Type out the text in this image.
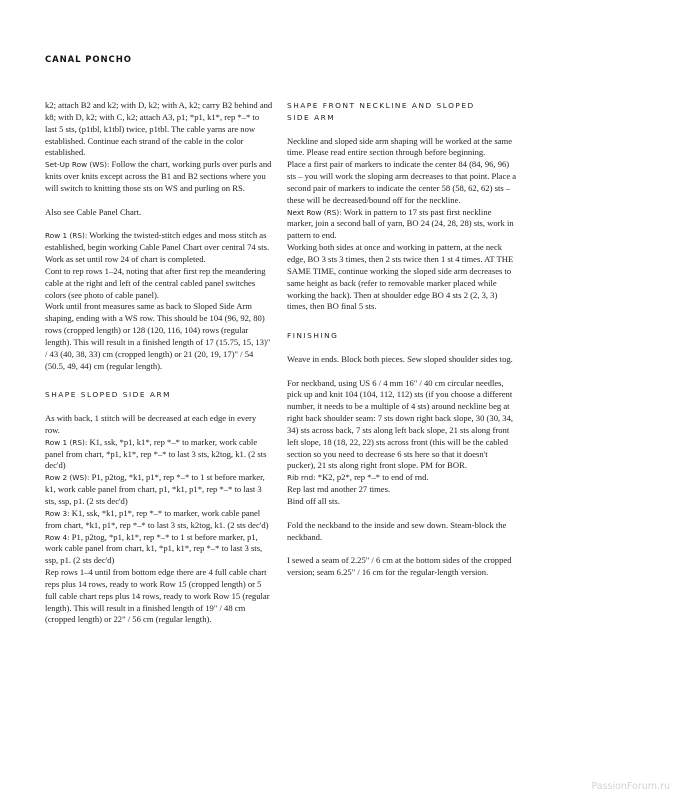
CANAL PONCHO

k2; attach B2 and k2; with D, k2; with A, k2; carry B2 behind and k8; with D, k2; with C, k2; attach A3, p1; *p1, k1*, rep *–* to last 5 sts, (p1tbl, k1tbl) twice, p1tbl. The cable yarns are now established. Continue each strand of the cable in the color established.

Set-Up Row (WS): Follow the chart, working purls over purls and knits over knits except across the B1 and B2 sections where you will switch to knitting those sts on WS and purling on RS.

Also see Cable Panel Chart.

Row 1 (RS): Working the twisted-stitch edges and moss stitch as established, begin working Cable Panel Chart over central 74 sts.

Work as set until row 24 of chart is completed.

Cont to rep rows 1–24, noting that after first rep the meandering cable at the right and left of the central cabled panel switches colors (see photo of cable panel).

Work until front measures same as back to Sloped Side Arm shaping, ending with a WS row. This should be 104 (96, 92, 80) rows (cropped length) or 128 (120, 116, 104) rows (regular length). This will result in a finished length of 17 (15.75, 15, 13)" / 43 (40, 38, 33) cm (cropped length) or 21 (20, 19, 17)" / 54 (50.5, 49, 44) cm (regular length).

SHAPE SLOPED SIDE ARM

As with back, 1 stitch will be decreased at each edge in every row.

Row 1 (RS): K1, ssk, *p1, k1*, rep *–* to marker, work cable panel from chart, *p1, k1*, rep *–* to last 3 sts, k2tog, k1. (2 sts dec'd)

Row 2 (WS): P1, p2tog, *k1, p1*, rep *–* to 1 st before marker, k1, work cable panel from chart, p1, *k1, p1*, rep *–* to last 3 sts, ssp, p1. (2 sts dec'd)

Row 3: K1, ssk, *k1, p1*, rep *–* to marker, work cable panel from chart, *k1, p1*, rep *–* to last 3 sts, k2tog, k1. (2 sts dec'd)

Row 4: P1, p2tog, *p1, k1*, rep *–* to 1 st before marker, p1, work cable panel from chart, k1, *p1, k1*, rep *–* to last 3 sts, ssp, p1. (2 sts dec'd)

Rep rows 1–4 until from bottom edge there are 4 full cable chart reps plus 14 rows, ready to work Row 15 (cropped length) or 5 full cable chart reps plus 14 rows, ready to work Row 15 (regular length). This will result in a finished length of 19" / 48 cm (cropped length) or 22" / 56 cm (regular length).

SHAPE FRONT NECKLINE AND SLOPED

SIDE ARM

Neckline and sloped side arm shaping will be worked at the same time. Please read entire section through before beginning.

Place a first pair of markers to indicate the center 84 (84, 96, 96) sts – you will work the sloping arm decreases to that point. Place a second pair of markers to indicate the center 58 (58, 62, 62) sts – these will be decreased/bound off for the neckline.

Next Row (RS): Work in pattern to 17 sts past first neckline marker, join a second ball of yarn, BO 24 (24, 28, 28) sts, work in pattern to end.

Working both sides at once and working in pattern, at the neck edge, BO 3 sts 3 times, then 2 sts twice then 1 st 4 times. AT THE SAME TIME, continue working the sloped side arm decreases to same height as back (refer to removable marker placed while working the back). Then at shoulder edge BO 4 sts 2 (2, 3, 3) times, then BO final 5 sts.

FINISHING

Weave in ends. Block both pieces. Sew sloped shoulder sides tog.

For neckband, using US 6 / 4 mm 16" / 40 cm circular needles, pick up and knit 104 (104, 112, 112) sts (if you choose a different number, it needs to be a multiple of 4 sts) around neckline beg at right back shoulder seam: 7 sts down right back slope, 30 (30, 34, 34) sts across back, 7 sts along left back slope, 21 sts along front left slope, 18 (18, 22, 22) sts across front (this will be the cabled section so you need to decrease 6 sts here so that it doesn't pucker), 21 sts along right front slope. PM for BOR.

Rib rnd: *K2, p2*, rep *–* to end of rnd.

Rep last rnd another 27 times.

Bind off all sts.

Fold the neckband to the inside and sew down. Steam-block the neckband.

I sewed a seam of 2.25" / 6 cm at the bottom sides of the cropped version; seam 6.25" / 16 cm for the regular-length version.

PassionForum.ru
